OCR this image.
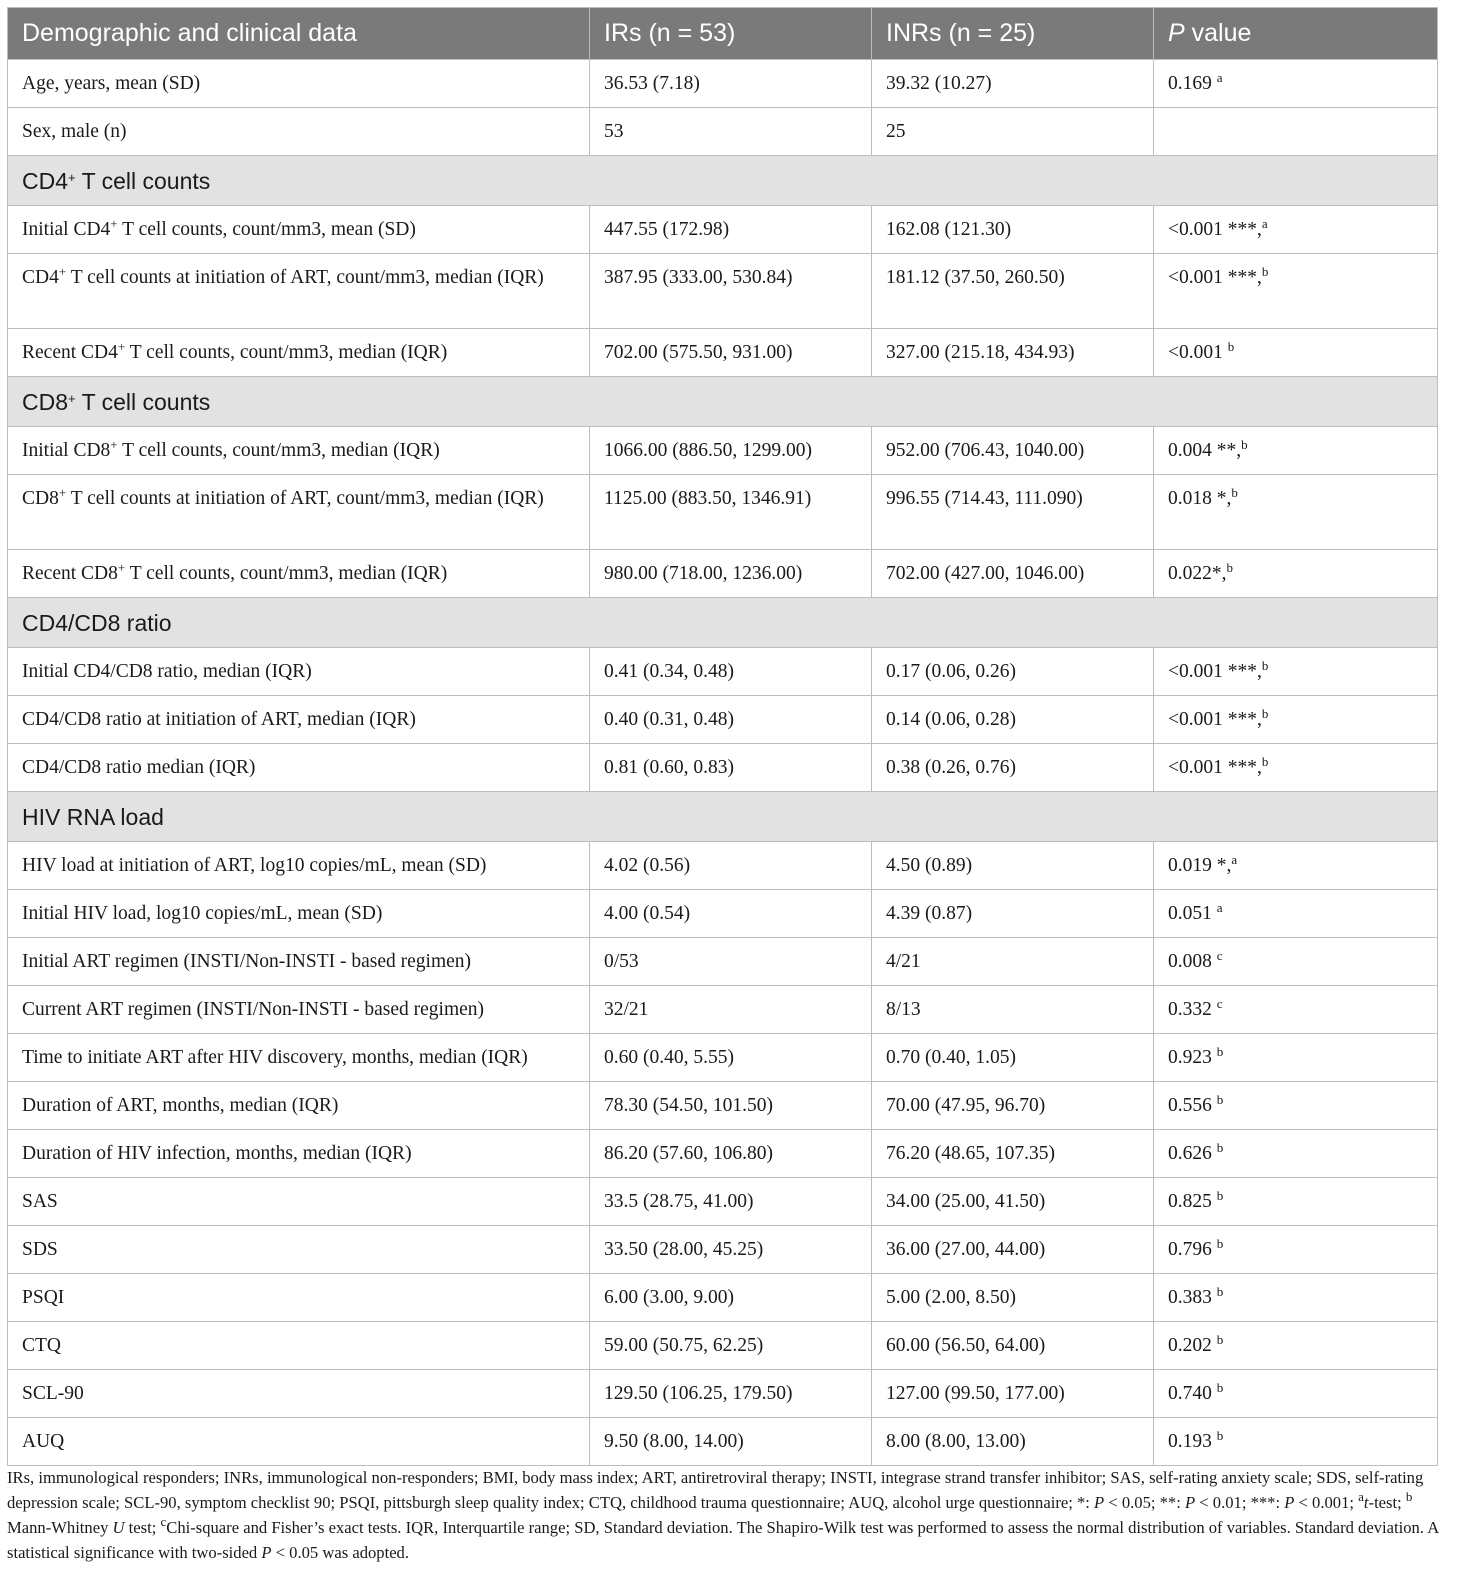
Demographic and clinical data	IRs (n = 53)	INRs (n = 25)	P value
Age, years, mean (SD)	36.53 (7.18)	39.32 (10.27)	0.169 $^a$
Sex, male (n)	53	25	
CD4+ T cell counts			
Initial CD4+ T cell counts, count/mm3, mean (SD)	447.55 (172.98)	162.08 (121.30)	<0.001 ***,$^a$
CD4+ T cell counts at initiation of ART, count/mm3, median (IQR)	387.95 (333.00, 530.84)	181.12 (37.50, 260.50)	<0.001 ***,$^b$
Recent CD4+ T cell counts, count/mm3, median (IQR)	702.00 (575.50, 931.00)	327.00 (215.18, 434.93)	<0.001 $^b$
CD8+ T cell counts			
Initial CD8+ T cell counts, count/mm3, median (IQR)	1066.00 (886.50, 1299.00)	952.00 (706.43, 1040.00)	0.004 **,$^b$
CD8+ T cell counts at initiation of ART, count/mm3, median (IQR)	1125.00 (883.50, 1346.91)	996.55 (714.43, 111.090)	0.018 *,$^b$
Recent CD8+ T cell counts, count/mm3, median (IQR)	980.00 (718.00, 1236.00)	702.00 (427.00, 1046.00)	0.022*,$^b$
CD4/CD8 ratio			
Initial CD4/CD8 ratio, median (IQR)	0.41 (0.34, 0.48)	0.17 (0.06, 0.26)	<0.001 ***,$^b$
CD4/CD8 ratio at initiation of ART, median (IQR)	0.40 (0.31, 0.48)	0.14 (0.06, 0.28)	<0.001 ***,$^b$
CD4/CD8 ratio median (IQR)	0.81 (0.60, 0.83)	0.38 (0.26, 0.76)	<0.001 ***,$^b$
HIV RNA load			
HIV load at initiation of ART, log10 copies/mL, mean (SD)	4.02 (0.56)	4.50 (0.89)	0.019 *,$^a$
Initial HIV load, log10 copies/mL, mean (SD)	4.00 (0.54)	4.39 (0.87)	0.051 $^a$
Initial ART regimen (INSTI/Non-INSTI - based regimen)	0/53	4/21	0.008 $^c$
Current ART regimen (INSTI/Non-INSTI - based regimen)	32/21	8/13	0.332 $^c$
Time to initiate ART after HIV discovery, months, median (IQR)	0.60 (0.40, 5.55)	0.70 (0.40, 1.05)	0.923 $^b$
Duration of ART, months, median (IQR)	78.30 (54.50, 101.50)	70.00 (47.95, 96.70)	0.556 $^b$
Duration of HIV infection, months, median (IQR)	86.20 (57.60, 106.80)	76.20 (48.65, 107.35)	0.626 $^b$
SAS	33.5 (28.75, 41.00)	34.00 (25.00, 41.50)	0.825 $^b$
SDS	33.50 (28.00, 45.25)	36.00 (27.00, 44.00)	0.796 $^b$
PSQI	6.00 (3.00, 9.00)	5.00 (2.00, 8.50)	0.383 $^b$
CTQ	59.00 (50.75, 62.25)	60.00 (56.50, 64.00)	0.202 $^b$
SCL-90	129.50 (106.25, 179.50)	127.00 (99.50, 177.00)	0.740 $^b$
AUQ	9.50 (8.00, 14.00)	8.00 (8.00, 13.00)	0.193 $^b$
IRs, immunological responders; INRs, immunological non-responders; BMI, body mass index; ART, antiretroviral therapy; INSTI, integrase strand transfer inhibitor; SAS, self-rating anxiety scale; SDS, self-rating depression scale; SCL-90, symptom checklist 90; PSQI, pittsburgh sleep quality index; CTQ, childhood trauma questionnaire; AUQ, alcohol urge questionnaire; *: P < 0.05; **: P < 0.01; ***: P < 0.001; $^a$t-test; $^b$ Mann-Whitney U test; $^c$Chi-square and Fisher’s exact tests. IQR, Interquartile range; SD, Standard deviation. The Shapiro-Wilk test was performed to assess the normal distribution of variables. Standard deviation. A statistical significance with two-sided P < 0.05 was adopted.
